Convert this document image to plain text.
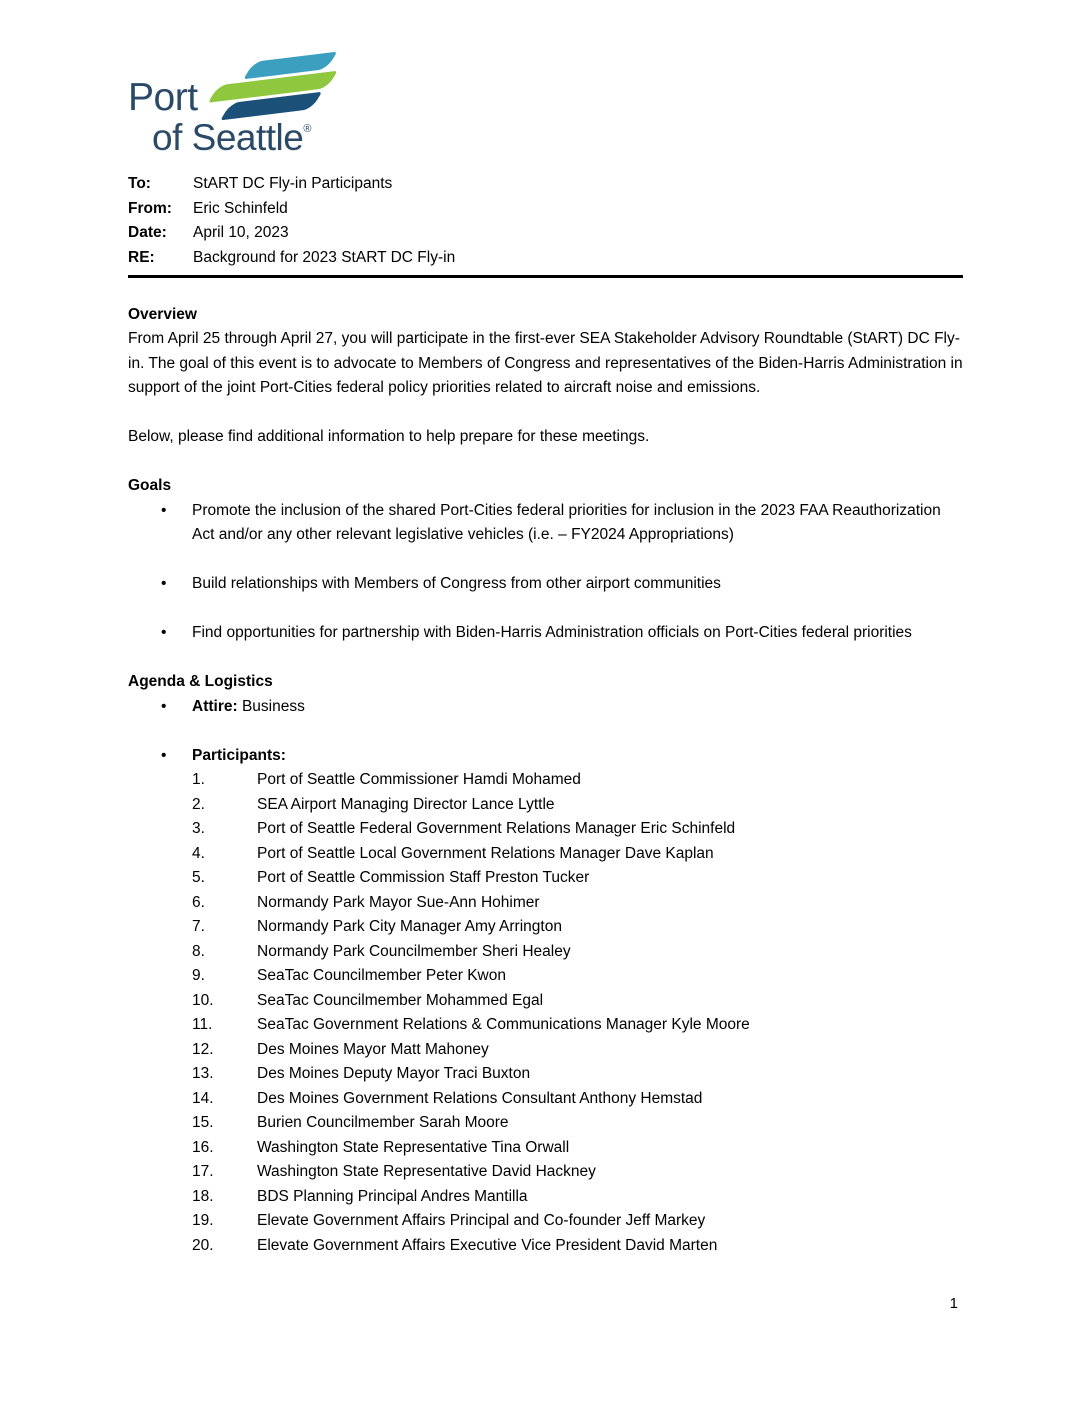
Port
of Seattle®
To:	StART DC Fly-in Participants
From:	Eric Schinfeld
Date:	April 10, 2023
RE:	Background for 2023 StART DC Fly-in
Overview
From April 25 through April 27, you will participate in the first-ever SEA Stakeholder Advisory Roundtable (StART) DC Fly-in. The goal of this event is to advocate to Members of Congress and representatives of the Biden-Harris Administration in support of the joint Port-Cities federal policy priorities related to aircraft noise and emissions.
Below, please find additional information to help prepare for these meetings.
Goals
• Promote the inclusion of the shared Port-Cities federal priorities for inclusion in the 2023 FAA Reauthorization Act and/or any other relevant legislative vehicles (i.e. – FY2024 Appropriations)
• Build relationships with Members of Congress from other airport communities
• Find opportunities for partnership with Biden-Harris Administration officials on Port-Cities federal priorities
Agenda & Logistics
• Attire: Business
• Participants:
1.	Port of Seattle Commissioner Hamdi Mohamed
2.	SEA Airport Managing Director Lance Lyttle
3.	Port of Seattle Federal Government Relations Manager Eric Schinfeld
4.	Port of Seattle Local Government Relations Manager Dave Kaplan
5.	Port of Seattle Commission Staff Preston Tucker
6.	Normandy Park Mayor Sue-Ann Hohimer
7.	Normandy Park City Manager Amy Arrington
8.	Normandy Park Councilmember Sheri Healey
9.	SeaTac Councilmember Peter Kwon
10.	SeaTac Councilmember Mohammed Egal
11.	SeaTac Government Relations & Communications Manager Kyle Moore
12.	Des Moines Mayor Matt Mahoney
13.	Des Moines Deputy Mayor Traci Buxton
14.	Des Moines Government Relations Consultant Anthony Hemstad
15.	Burien Councilmember Sarah Moore
16.	Washington State Representative Tina Orwall
17.	Washington State Representative David Hackney
18.	BDS Planning Principal Andres Mantilla
19.	Elevate Government Affairs Principal and Co-founder Jeff Markey
20.	Elevate Government Affairs Executive Vice President David Marten
1
